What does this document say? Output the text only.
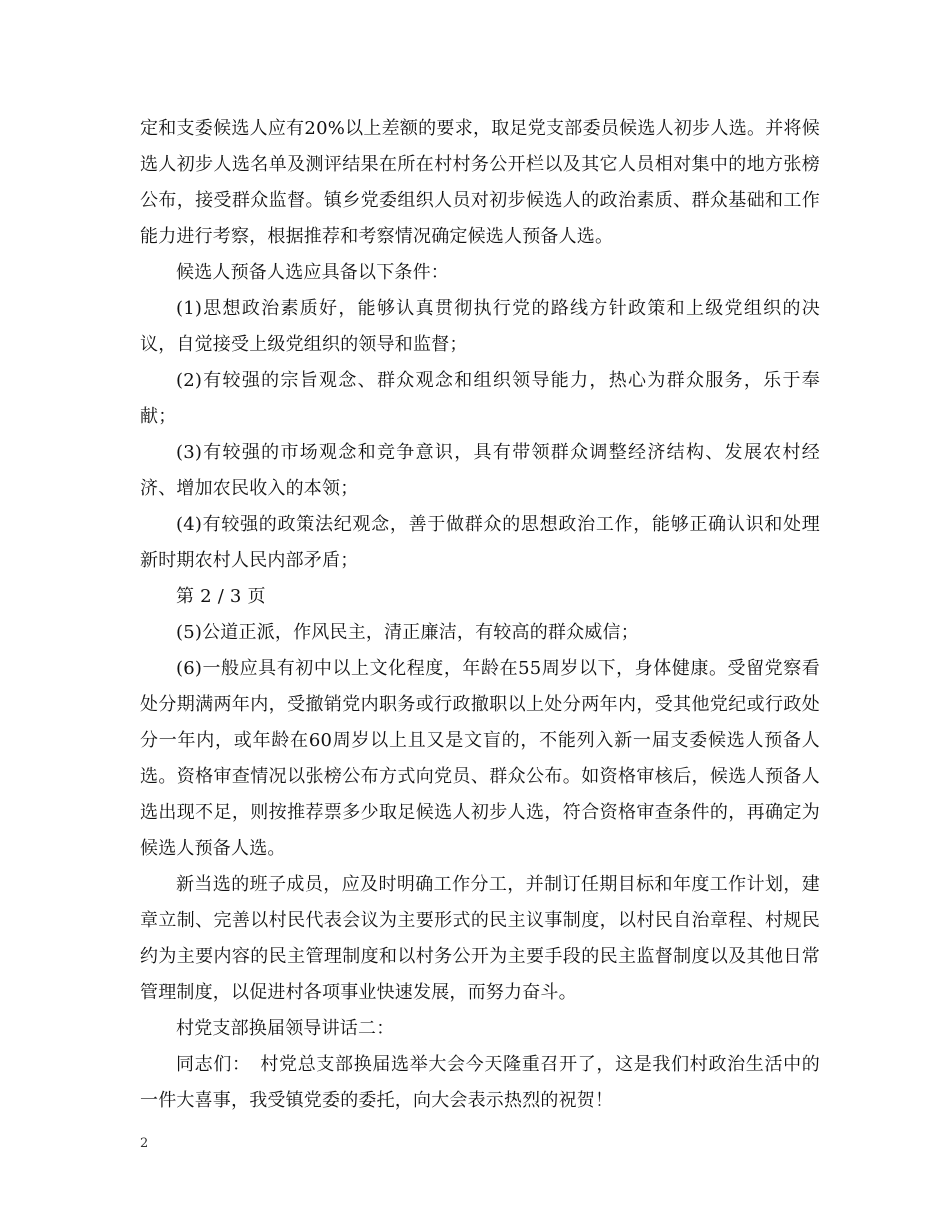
定和支委候选人应有20%以上差额的要求，取足党支部委员候选人初步人选。并将候选人初步人选名单及测评结果在所在村村务公开栏以及其它人员相对集中的地方张榜公布，接受群众监督。镇乡党委组织人员对初步候选人的政治素质、群众基础和工作能力进行考察，根据推荐和考察情况确定候选人预备人选。

候选人预备人选应具备以下条件：

(1)思想政治素质好，能够认真贯彻执行党的路线方针政策和上级党组织的决议，自觉接受上级党组织的领导和监督；

(2)有较强的宗旨观念、群众观念和组织领导能力，热心为群众服务，乐于奉献；

(3)有较强的市场观念和竞争意识，具有带领群众调整经济结构、发展农村经济、增加农民收入的本领；

(4)有较强的政策法纪观念，善于做群众的思想政治工作，能够正确认识和处理新时期农村人民内部矛盾；

第 2 / 3 页

(5)公道正派，作风民主，清正廉洁，有较高的群众威信；

(6)一般应具有初中以上文化程度，年龄在55周岁以下，身体健康。受留党察看处分期满两年内，受撤销党内职务或行政撤职以上处分两年内，受其他党纪或行政处分一年内，或年龄在60周岁以上且又是文盲的，不能列入新一届支委候选人预备人选。资格审查情况以张榜公布方式向党员、群众公布。如资格审核后，候选人预备人选出现不足，则按推荐票多少取足候选人初步人选，符合资格审查条件的，再确定为候选人预备人选。

新当选的班子成员，应及时明确工作分工，并制订任期目标和年度工作计划，建章立制、完善以村民代表会议为主要形式的民主议事制度，以村民自治章程、村规民约为主要内容的民主管理制度和以村务公开为主要手段的民主监督制度以及其他日常管理制度，以促进村各项事业快速发展，而努力奋斗。

村党支部换届领导讲话二：

同志们：　村党总支部换届选举大会今天隆重召开了，这是我们村政治生活中的一件大喜事，我受镇党委的委托，向大会表示热烈的祝贺！

2
